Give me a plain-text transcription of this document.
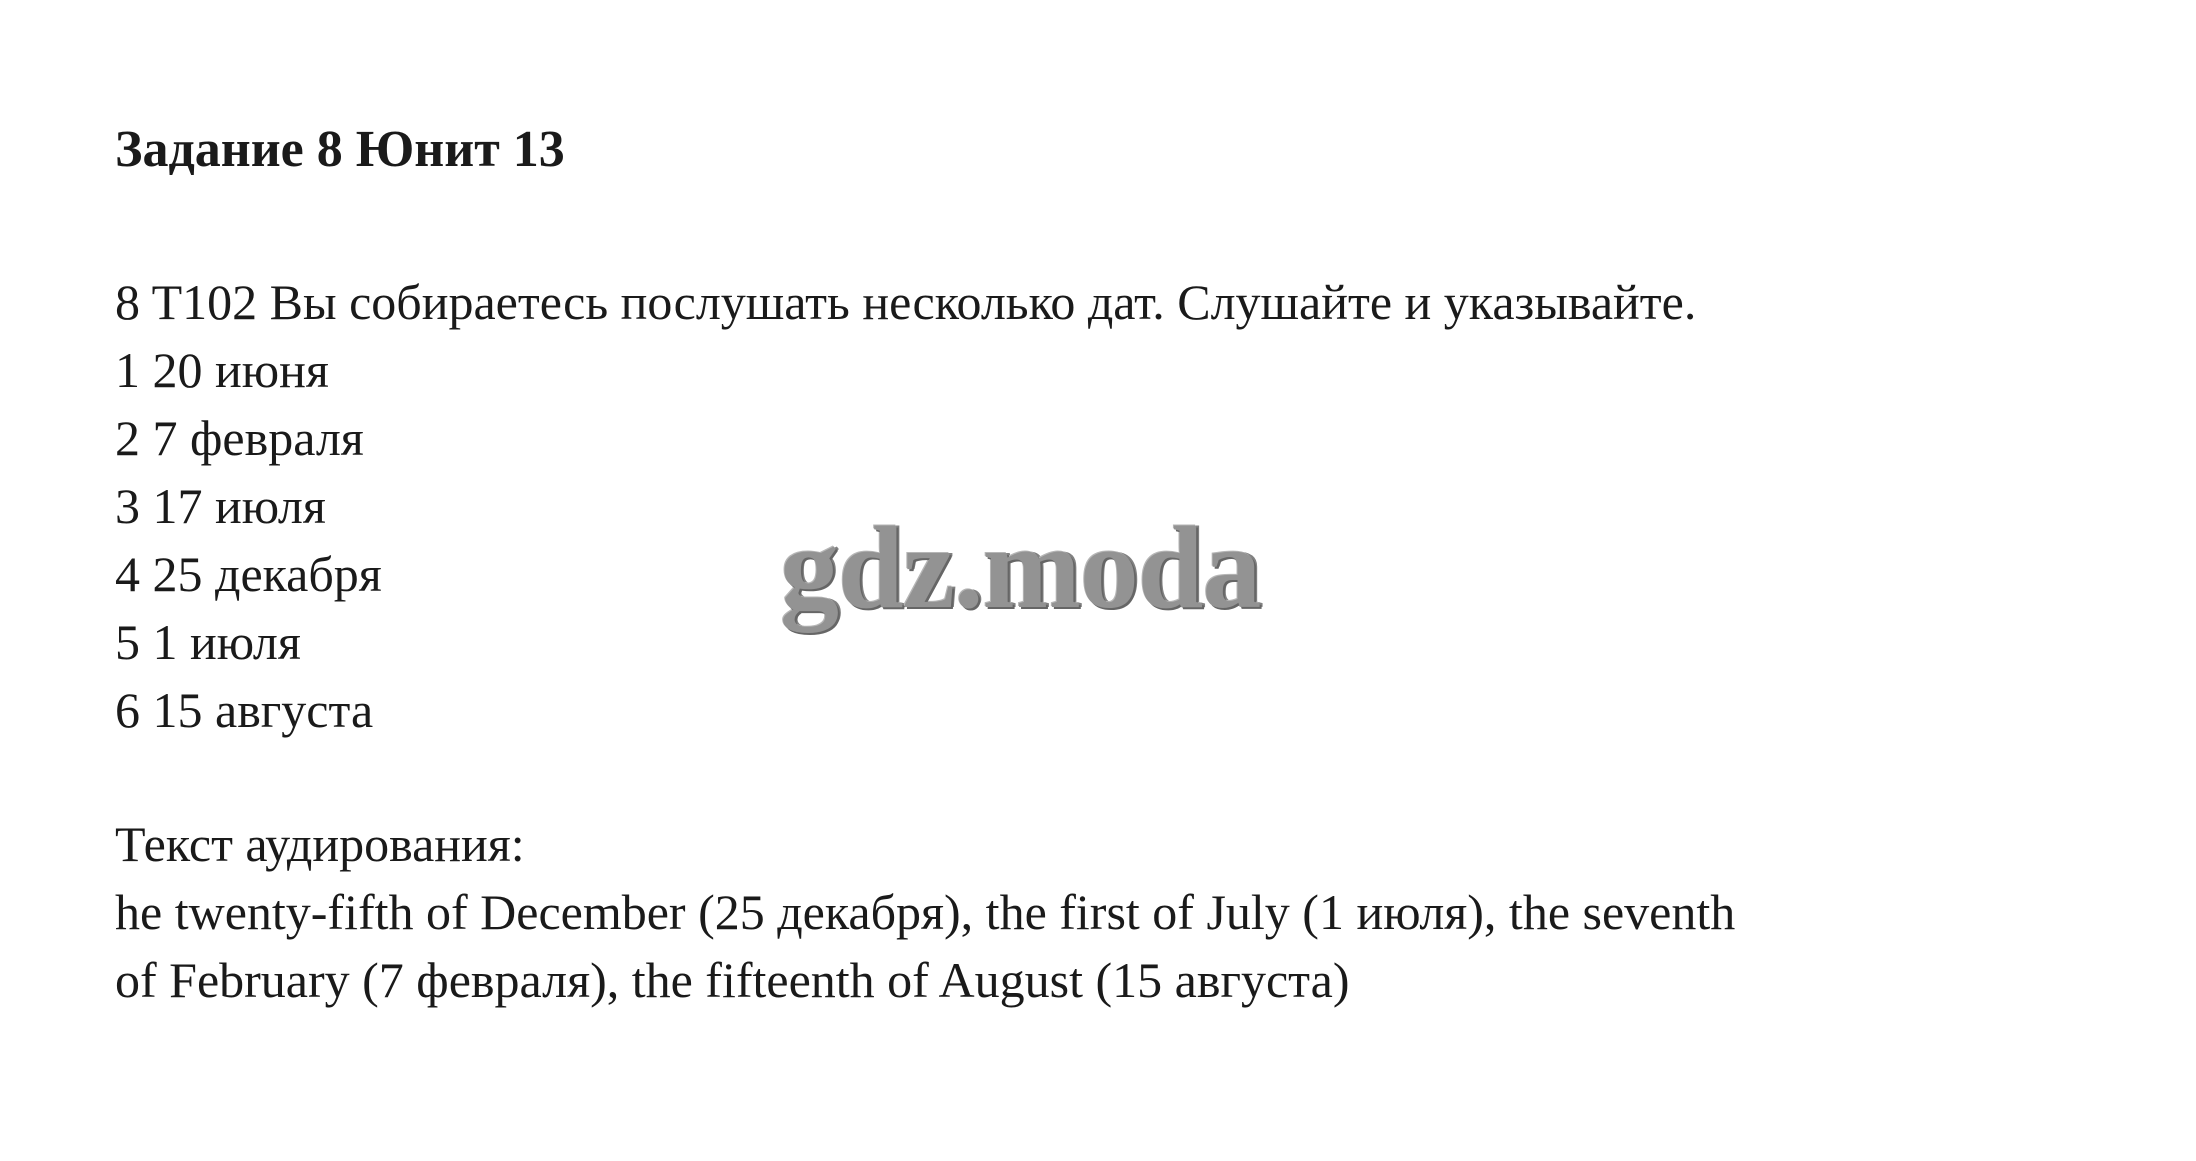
Задание 8 Юнит 13
8 T102 Вы собираетесь послушать несколько дат. Слушайте и указывайте.
1 20 июня
2 7 февраля
3 17 июля
4 25 декабря
5 1 июля
6 15 августа
Текст аудирования:
he twenty-fifth of December (25 декабря), the first of July (1 июля), the seventh
of February (7 февраля), the fifteenth of August (15 августа)
gdz.moda
